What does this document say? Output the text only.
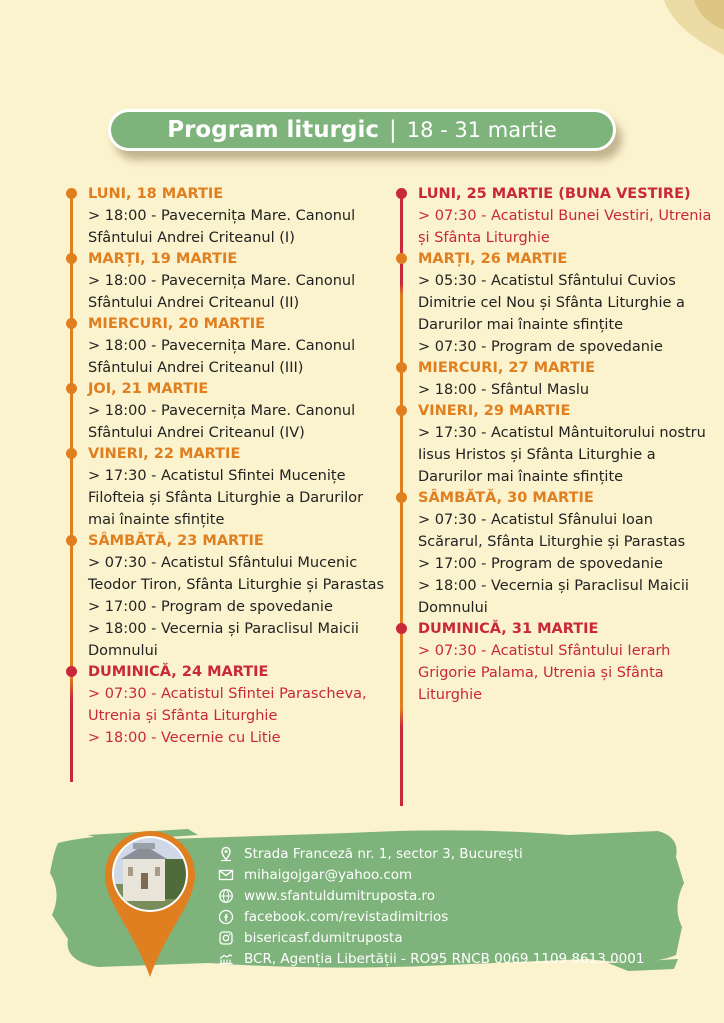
Program liturgic | 18 - 31 martie
LUNI, 18 MARTIE
> 18:00 - Pavecernița Mare. Canonul Sfântului Andrei Criteanul (I)
MARȚI, 19 MARTIE
> 18:00 - Pavecernița Mare. Canonul Sfântului Andrei Criteanul (II)
MIERCURI, 20 MARTIE
> 18:00 - Pavecernița Mare. Canonul Sfântului Andrei Criteanul (III)
JOI, 21 MARTIE
> 18:00 - Pavecernița Mare. Canonul Sfântului Andrei Criteanul (IV)
VINERI, 22 MARTIE
> 17:30 - Acatistul Sfintei Mucenițe Filofteia și Sfânta Liturghie a Darurilor mai înainte sfințite
SÂMBĂTĂ, 23 MARTIE
> 07:30 - Acatistul Sfântului Mucenic Teodor Tiron, Sfânta Liturghie și Parastas
> 17:00 - Program de spovedanie
> 18:00 - Vecernia și Paraclisul Maicii Domnului
DUMINICĂ, 24 MARTIE
> 07:30 - Acatistul Sfintei Parascheva, Utrenia și Sfânta Liturghie
> 18:00 - Vecernie cu Litie
LUNI, 25 MARTIE (BUNA VESTIRE)
> 07:30 - Acatistul Bunei Vestiri, Utrenia și Sfânta Liturghie
MARȚI, 26 MARTIE
> 05:30 - Acatistul Sfântului Cuvios Dimitrie cel Nou și Sfânta Liturghie a Darurilor mai înainte sfințite
> 07:30 - Program de spovedanie
MIERCURI, 27 MARTIE
> 18:00 - Sfântul Maslu
VINERI, 29 MARTIE
> 17:30 - Acatistul Mântuitorului nostru Iisus Hristos și Sfânta Liturghie a Darurilor mai înainte sfințite
SÂMBĂTĂ, 30 MARTIE
> 07:30 - Acatistul Sfânului Ioan Scărarul, Sfânta Liturghie și Parastas
> 17:00 - Program de spovedanie
> 18:00 - Vecernia și Paraclisul Maicii Domnului
DUMINICĂ, 31 MARTIE
> 07:30 - Acatistul Sfântului Ierarh Grigorie Palama, Utrenia și Sfânta Liturghie
Strada Franceză nr. 1, sector 3, București
mihaigojgar@yahoo.com
www.sfantuldumitruposta.ro
facebook.com/revistadimitrios
bisericasf.dumitruposta
BCR, Agenția Libertății - RO95 RNCB 0069 1109 8613 0001
